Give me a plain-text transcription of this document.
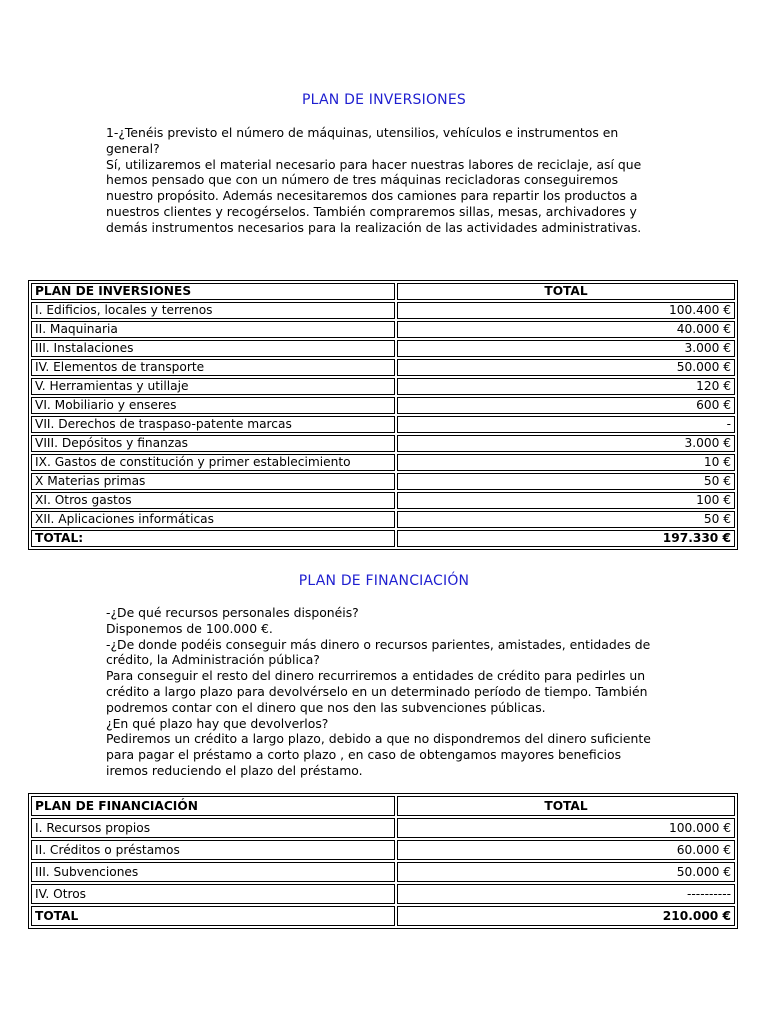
PLAN DE INVERSIONES
1-¿Tenéis previsto el número de máquinas, utensilios, vehículos e instrumentos en
general?
Sí, utilizaremos el material necesario para hacer nuestras labores de reciclaje, así que
hemos pensado que con un número de tres máquinas recicladoras conseguiremos
nuestro propósito. Además necesitaremos dos camiones para repartir los productos a
nuestros clientes y recogérselos. También compraremos sillas, mesas, archivadores y
demás instrumentos necesarios para la realización de las actividades administrativas.
PLAN DE INVERSIONES	TOTAL
I. Edificios, locales y terrenos	100.400 €
II. Maquinaria	40.000 €
III. Instalaciones	3.000 €
IV. Elementos de transporte	50.000 €
V. Herramientas y utillaje	120 €
VI. Mobiliario y enseres	600 €
VII. Derechos de traspaso-patente marcas	-
VIII. Depósitos y finanzas	3.000 €
IX. Gastos de constitución y primer establecimiento	10 €
X Materias primas	50 €
XI. Otros gastos	100 €
XII. Aplicaciones informáticas	50 €
TOTAL:	197.330 €
PLAN DE FINANCIACIÓN
-¿De qué recursos personales disponéis?
Disponemos de 100.000 €.
-¿De donde podéis conseguir más dinero o recursos parientes, amistades, entidades de
crédito, la Administración pública?
Para conseguir el resto del dinero recurriremos a entidades de crédito para pedirles un
crédito a largo plazo para devolvérselo en un determinado período de tiempo. También
podremos contar con el dinero que nos den las subvenciones públicas.
¿En qué plazo hay que devolverlos?
Pediremos un crédito a largo plazo, debido a que no dispondremos del dinero suficiente
para pagar el préstamo a corto plazo , en caso de obtengamos mayores beneficios
iremos reduciendo el plazo del préstamo.
PLAN DE FINANCIACIÓN	TOTAL
I. Recursos propios	100.000 €
II. Créditos o préstamos	60.000 €
III. Subvenciones	50.000 €
IV. Otros	----------
TOTAL	210.000 €
